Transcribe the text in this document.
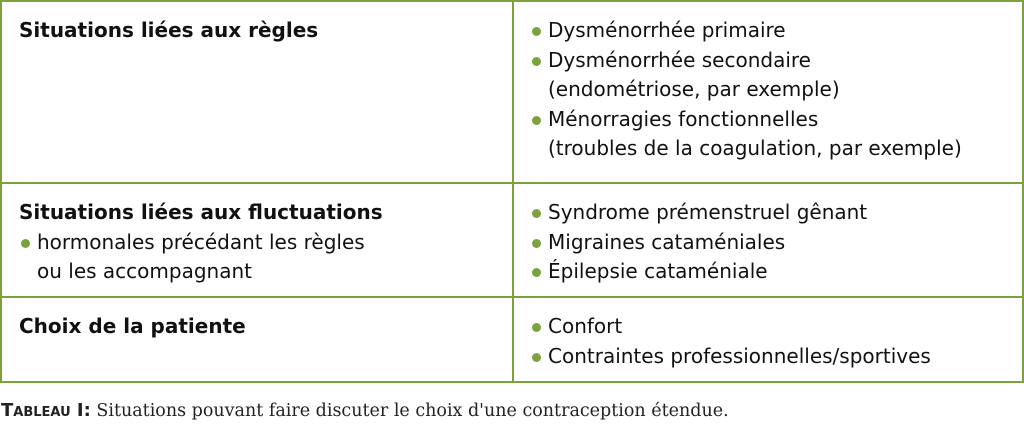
Situations liées aux règles	Dysménorrhée primaire
Dysménorrhée secondaire
(endométriose, par exemple)
Ménorragies fonctionnelles
(troubles de la coagulation, par exemple)
Situations liées aux fluctuations
hormonales précédant les règles
ou les accompagnant
Syndrome prémenstruel gênant
Migraines cataméniales
Épilepsie cataméniale
Choix de la patiente	Confort
Contraintes professionnelles/sportives
Tableau I: Situations pouvant faire discuter le choix d'une contraception étendue.
